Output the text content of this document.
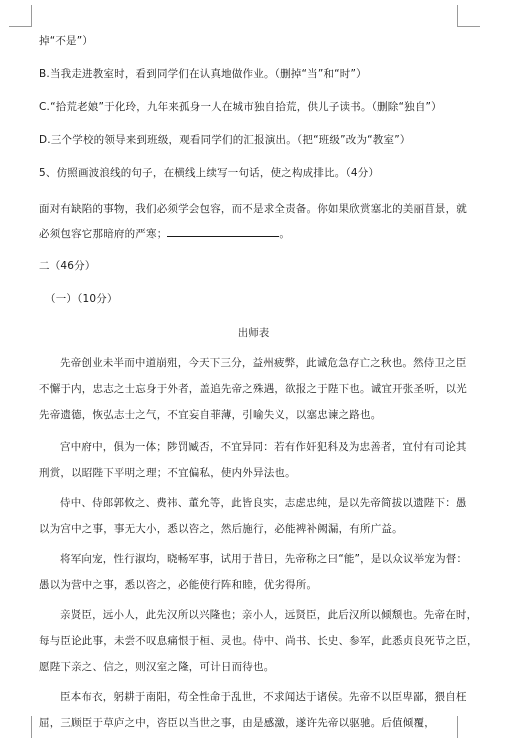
掉“不是”）
B.当我走进教室时，看到同学们在认真地做作业。（删掉“当”和“时”）
C.“拾荒老娘”于化玲，九年来孤身一人在城市独自拾荒，供儿子读书。（删除“独自”）
D.三个学校的领导来到班级，观看同学们的汇报演出。（把“班级”改为“教室”）
5、仿照画波浪线的句子，在横线上续写一句话，使之构成排比。（4分）
面对有缺陷的事物，我们必须学会包容，而不是求全责备。你如果欣赏塞北的美丽苜景，就
必须包容它那暗府的严寒；	。
二（46分）
（一）（10分）
出师表

先帝创业未半而中道崩殂，今天下三分，益州疲弊，此诚危急存亡之秋也。然侍卫之臣

不懈于内，忠志之士忘身于外者，盖追先帝之殊遇，欲报之于陛下也。诚宜开张圣听，以光

先帝遗德，恢弘志士之气，不宜妄自菲薄，引喻失义，以塞忠谏之路也。

宫中府中，俱为一体；陟罚臧否，不宜异同：若有作奸犯科及为忠善者，宜付有司论其

刑赏，以昭陛下平明之理；不宜偏私，使内外异法也。

侍中、侍郎郭攸之、费祎、董允等，此皆良实，志虑忠纯，是以先帝简拔以遗陛下：愚

以为宫中之事，事无大小，悉以咨之，然后施行，必能裨补阙漏，有所广益。

将军向宠，性行淑均，晓畅军事，试用于昔日，先帝称之曰“能”，是以众议举宠为督：

愚以为营中之事，悉以咨之，必能使行阵和睦，优劣得所。

亲贤臣，远小人，此先汉所以兴隆也；亲小人，远贤臣，此后汉所以倾颓也。先帝在时，

每与臣论此事，未尝不叹息痛恨于桓、灵也。侍中、尚书、长史、参军，此悉贞良死节之臣，

愿陛下亲之、信之，则汉室之隆，可计日而待也。

臣本布衣，躬耕于南阳，苟全性命于乱世，不求闻达于诸侯。先帝不以臣卑鄙，猥自枉

屈，三顾臣于草庐之中，咨臣以当世之事，由是感激，遂许先帝以驱驰。后值倾覆，
